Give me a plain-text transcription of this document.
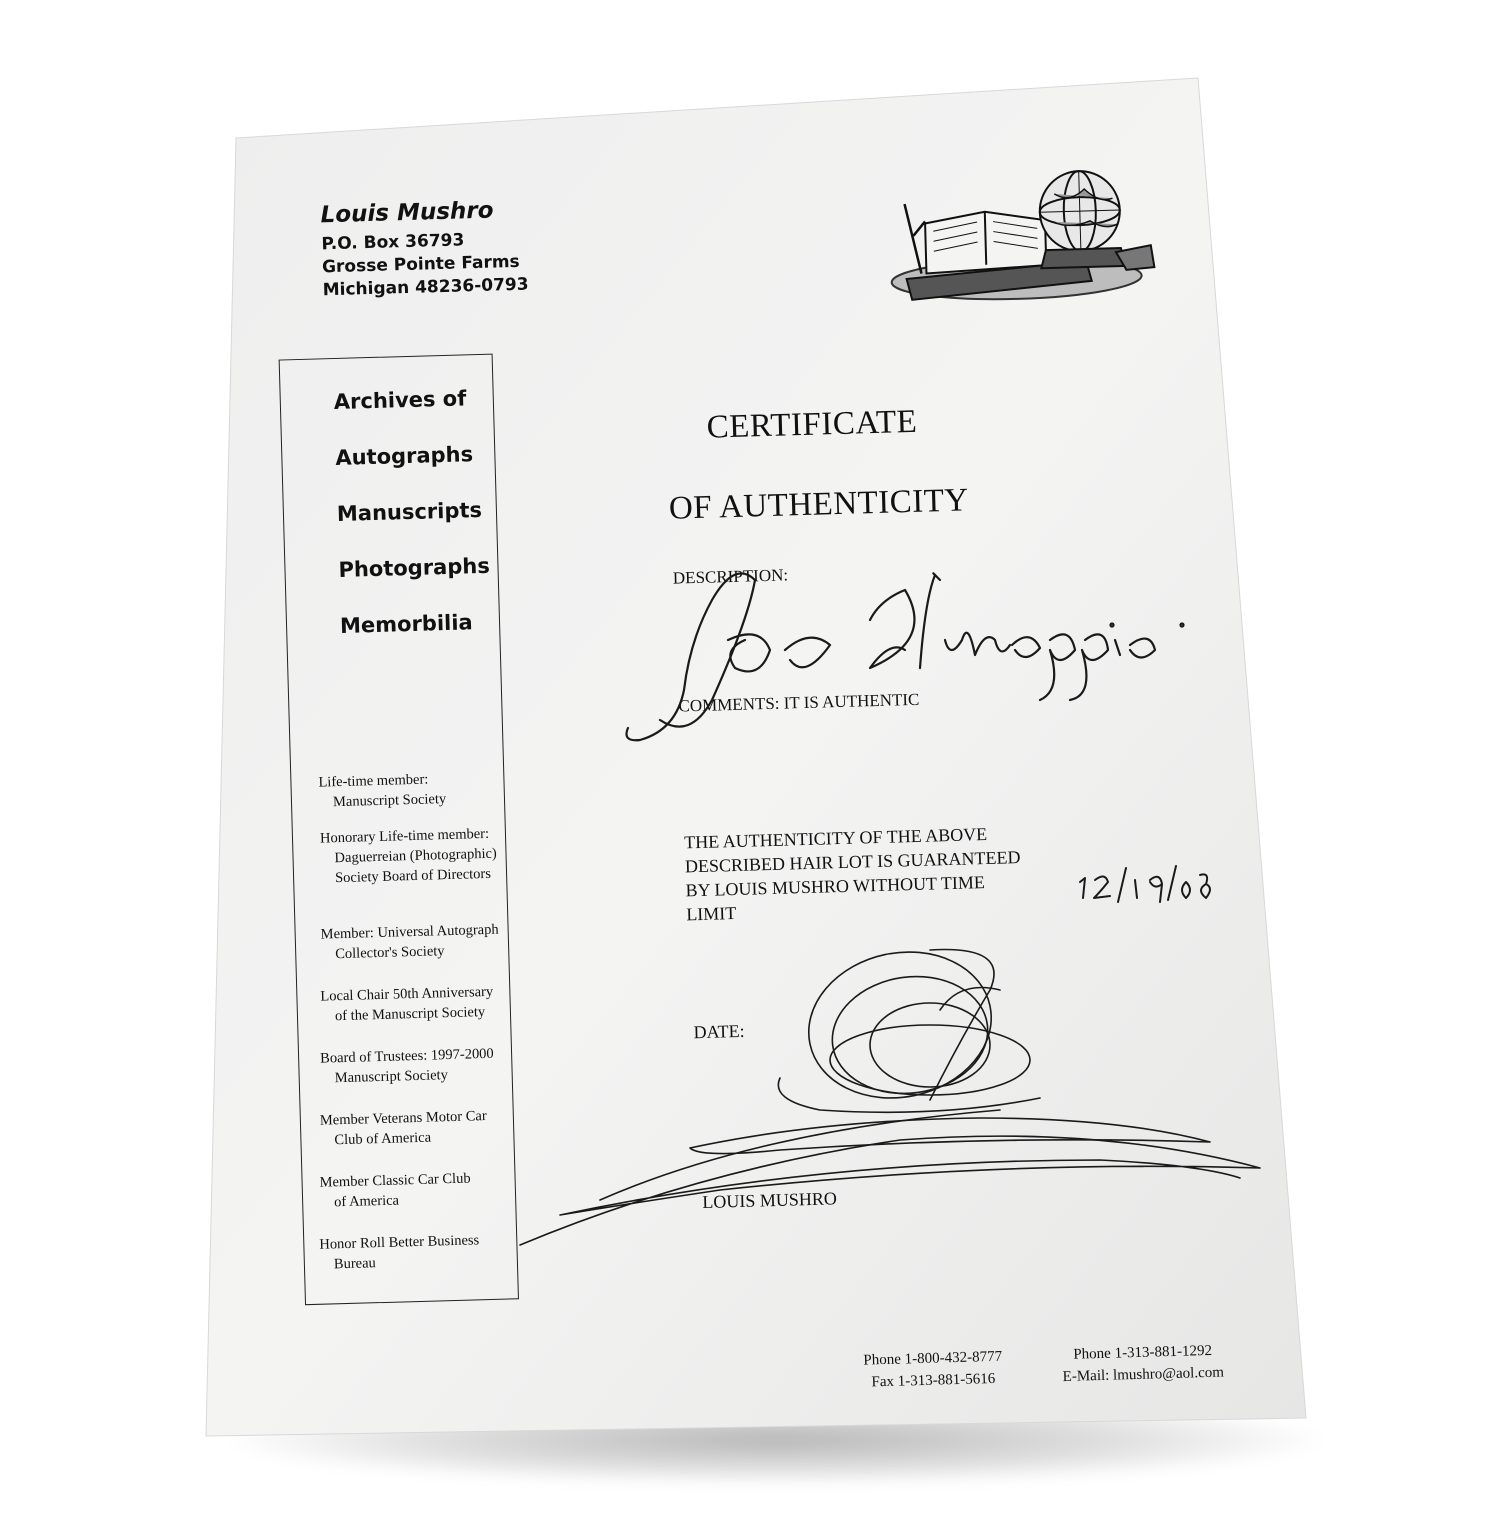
Louis Mushro
P.O. Box 36793
Grosse Pointe Farms
Michigan 48236-0793
Archives of
Autographs
Manuscripts
Photographs
Memorbilia
Life-time member:
Manuscript Society
Honorary Life-time member:
Daguerreian (Photographic) Society Board of Directors
Member: Universal Autograph
Collector's Society
Local Chair 50th Anniversary
of the Manuscript Society
Board of Trustees: 1997-2000
Manuscript Society
Member Veterans Motor Car
Club of America
Member Classic Car Club
of America
Honor Roll Better Business
Bureau
CERTIFICATE
OF AUTHENTICITY
DESCRIPTION:
COMMENTS: IT IS AUTHENTIC
THE AUTHENTICITY OF THE ABOVE
DESCRIBED HAIR LOT IS GUARANTEED
BY LOUIS MUSHRO WITHOUT TIME
LIMIT
DATE:
LOUIS MUSHRO
Phone 1-800-432-8777
Fax 1-313-881-5616
Phone 1-313-881-1292
E-Mail: lmushro@aol.com
